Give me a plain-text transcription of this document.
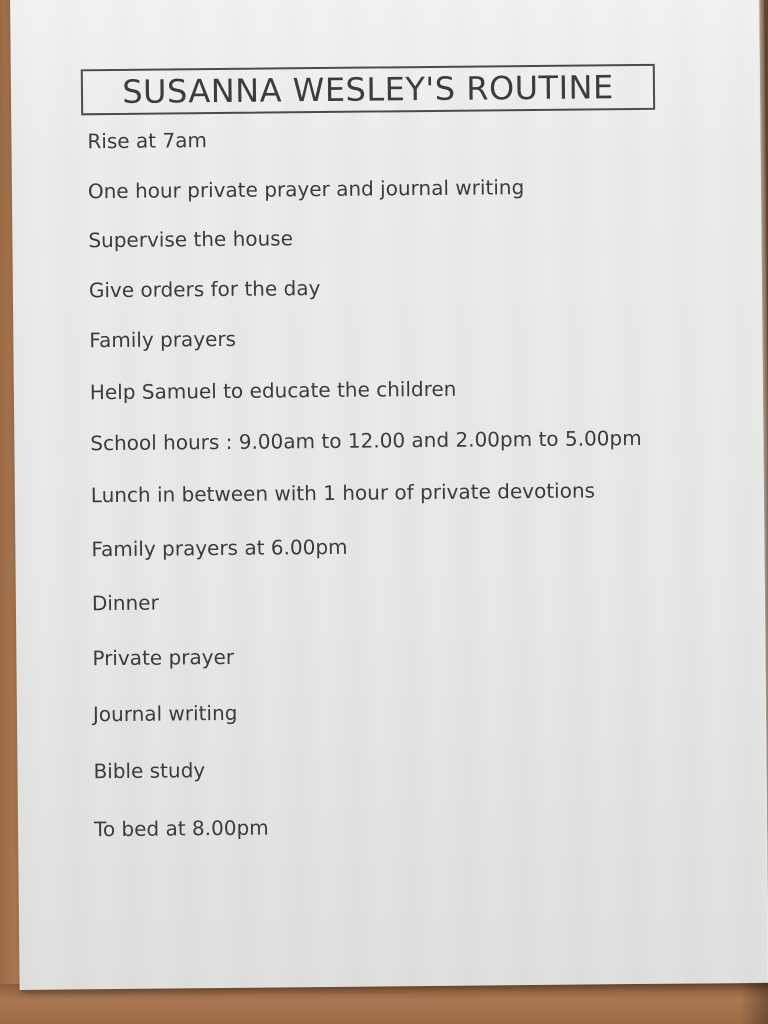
SUSANNA WESLEY'S ROUTINE
Rise at 7am
One hour private prayer and journal writing
Supervise the house
Give orders for the day
Family prayers
Help Samuel to educate the children
School hours : 9.00am to 12.00 and 2.00pm to 5.00pm
Lunch in between with 1 hour of private devotions
Family prayers at 6.00pm
Dinner
Private prayer
Journal writing
Bible study
To bed at 8.00pm
